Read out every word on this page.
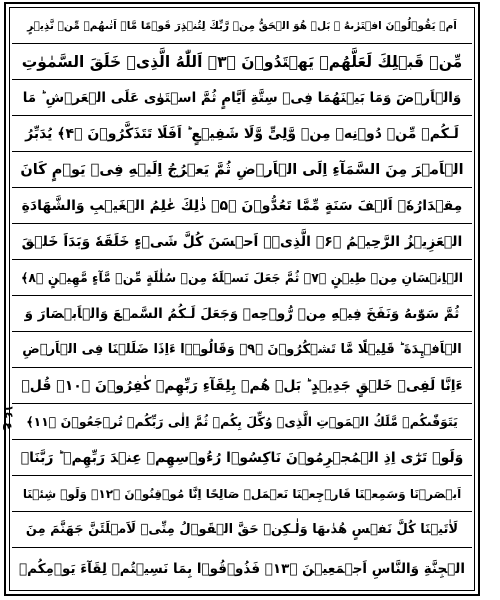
ع ١٤
اَمۡ يَقُوۡلُوۡنَ افۡتَرٰىهُ ۚ بَلۡ هُوَ الۡحَقُّ مِنۡ رَّبِّكَ لِتُنۡذِرَ قَوۡمًا مَّاۤ اَتٰٮهُمۡ مِّنۡ نَّذِيۡرٍ
مِّنۡ قَبۡلِكَ لَعَلَّهُمۡ يَهۡتَدُوۡنَ ﴿۳﴾ اَللّٰهُ الَّذِىۡ خَلَقَ السَّمٰوٰتِ
وَالۡاَرۡضَ وَمَا بَيۡنَهُمَا فِىۡ سِتَّةِ اَيَّامٍ ثُمَّ اسۡتَوٰى عَلَى الۡعَرۡشِ ؕ مَا
لَـكُمۡ مِّنۡ دُوۡنِهٖ مِنۡ وَّلِىٍّ وَّلَا شَفِيۡعٍ ؕ اَفَلَا تَتَذَكَّرُوۡنَ ﴿۴﴾ يُدَبِّرُ
الۡاَمۡرَ مِنَ السَّمَآءِ اِلَى الۡاَرۡضِ ثُمَّ يَعۡرُجُ اِلَيۡهِ فِىۡ يَوۡمٍ كَانَ
مِقۡدَارُهٗۤ اَلۡفَ سَنَةٍ مِّمَّا تَعُدُّوۡنَ ﴿۵﴾ ذٰلِكَ عٰلِمُ الۡغَيۡبِ وَالشَّهَادَةِ
الۡعَزِيۡزُ الرَّحِيۡمُ ﴿۶﴾ الَّذِىۡۤ اَحۡسَنَ كُلَّ شَىۡءٍ خَلَقَهٗ وَبَدَاَ خَلۡقَ
الۡاِنۡسَانِ مِنۡ طِيۡنٍ ﴿۷﴾ ثُمَّ جَعَلَ نَسۡلَهٗ مِنۡ سُلٰلَةٍ مِّنۡ مَّآءٍ مَّهِيۡنٍ ﴿۸﴾
ثُمَّ سَوّٰٮهُ وَنَفَخَ فِيۡهِ مِنۡ رُّوۡحِهٖ وَجَعَلَ لَـكُمُ السَّمۡعَ وَالۡاَبۡصَارَ وَ
الۡاَفۡـِٕدَةَ ؕ قَلِيۡلًا مَّا تَشۡكُرُوۡنَ ﴿۹﴾ وَقَالُوۡۤا ءَاِذَا ضَلَلۡنَا فِى الۡاَرۡضِ
ءَاِنَّا لَفِىۡ خَلۡقٍ جَدِيۡدٍ ؕ بَلۡ هُمۡ بِلِقَآءِ رَبِّهِمۡ كٰفِرُوۡنَ ﴿۱۰﴾ قُلۡ
يَتَوَفّٰٮكُمۡ مَّلَكُ الۡمَوۡتِ الَّذِىۡ وُكِّلَ بِكُمۡ ثُمَّ اِلٰى رَبِّكُمۡ تُرۡجَعُوۡنَ ﴿۱۱﴾
وَلَوۡ تَرٰٓى اِذِ الۡمُجۡرِمُوۡنَ نَاكِسُوۡا رُءُوۡسِهِمۡ عِنۡدَ رَبِّهِمۡ ؕ رَبَّنَاۤ
اَبۡصَرۡنَا وَسَمِعۡنَا فَارۡجِعۡنَا نَعۡمَلۡ صَالِحًا اِنَّا مُوۡقِنُوۡنَ ﴿۱۲﴾ وَلَوۡ شِئۡنَا
لَاٰتَيۡنَا كُلَّ نَفۡسٍ هُدٰٮهَا وَلٰـكِنۡ حَقَّ الۡقَوۡلُ مِنِّىۡ لَاَمۡلَئَنَّ جَهَنَّمَ مِنَ
الۡجِنَّةِ وَالنَّاسِ اَجۡمَعِيۡنَ ﴿۱۳﴾ فَذُوۡقُوۡا بِمَا نَسِيۡتُمۡ لِقَآءَ يَوۡمِكُمۡ
